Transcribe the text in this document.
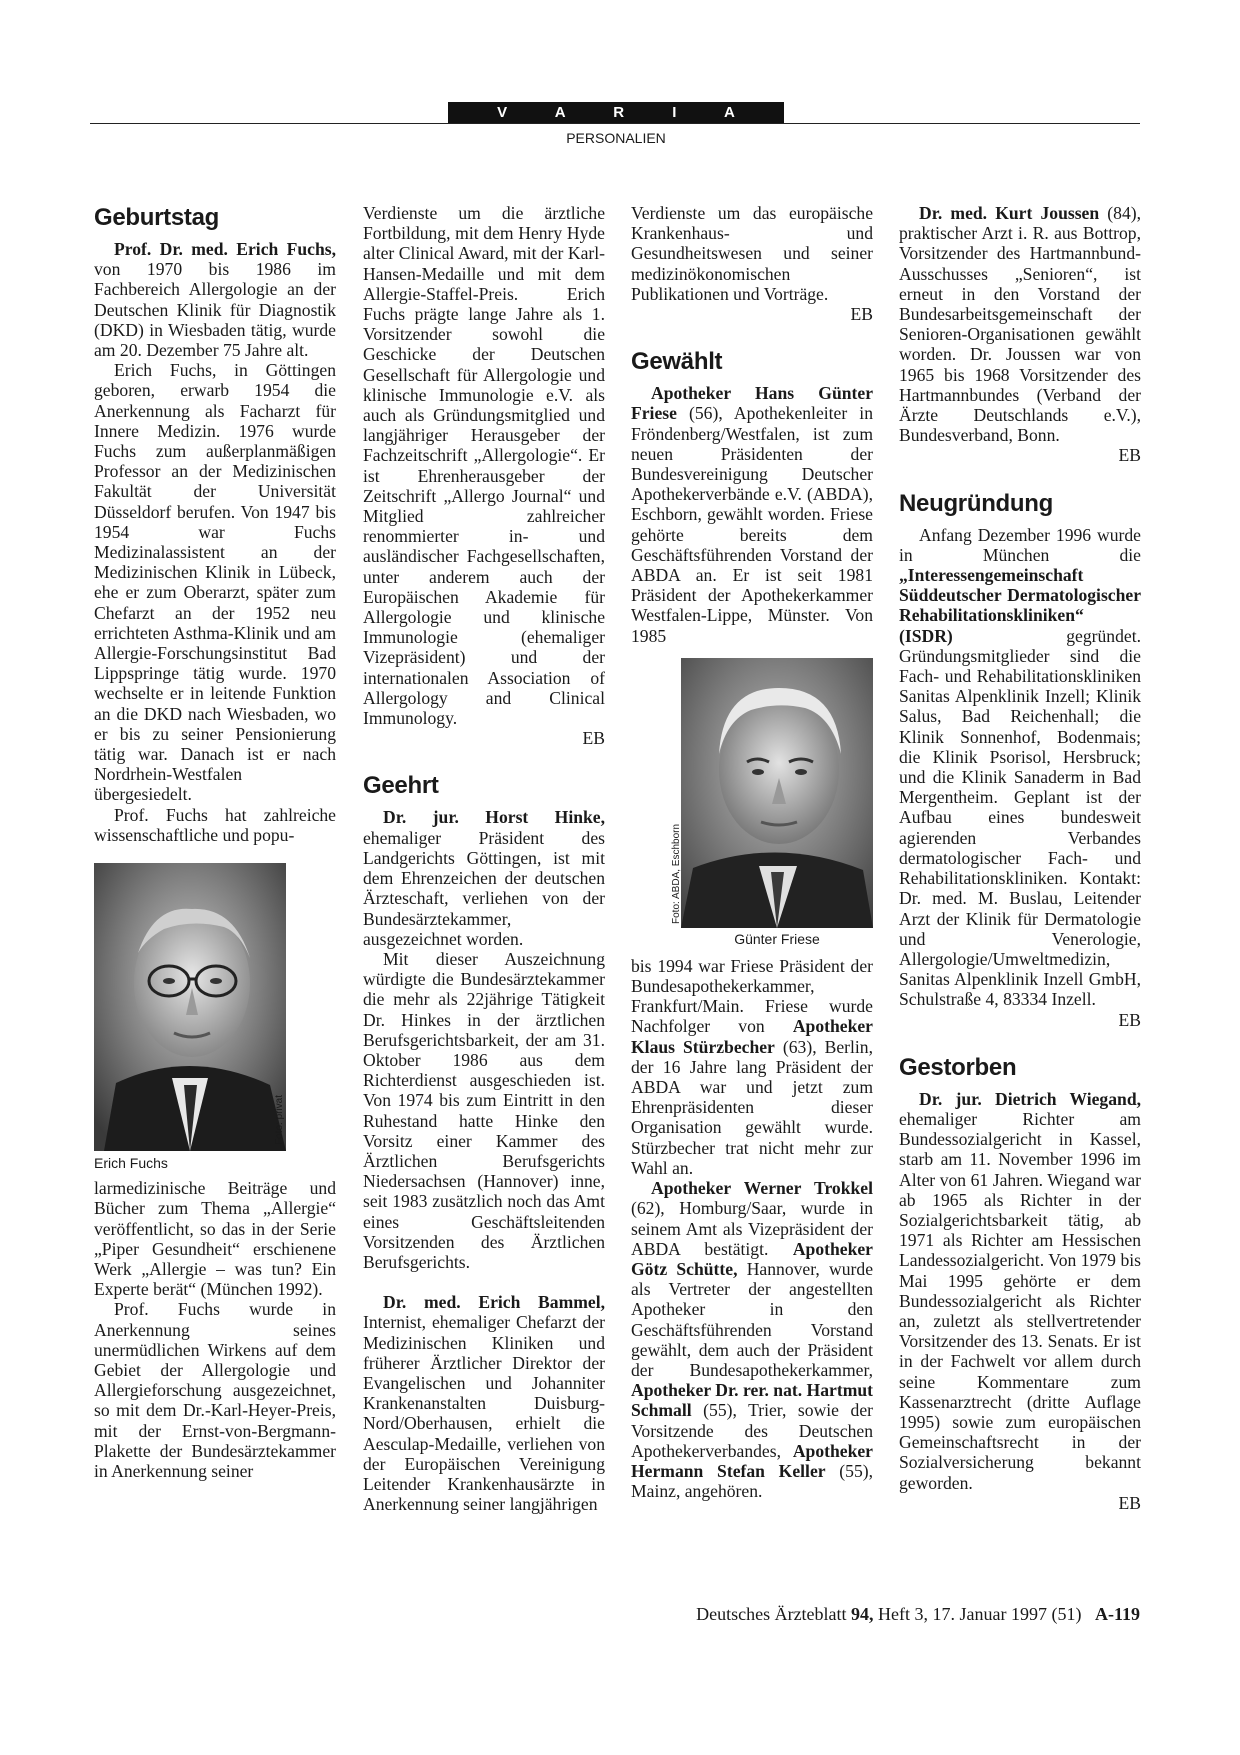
V A R I A
PERSONALIEN
Geburtstag

Prof. Dr. med. Erich Fuchs, von 1970 bis 1986 im Fachbereich Allergologie an der Deutschen Klinik für Diagnostik (DKD) in Wiesbaden tätig, wurde am 20. Dezember 75 Jahre alt.

Erich Fuchs, in Göttingen geboren, erwarb 1954 die Anerkennung als Facharzt für Innere Medizin. 1976 wurde Fuchs zum außerplanmäßigen Professor an der Medizinischen Fakultät der Universität Düsseldorf berufen. Von 1947 bis 1954 war Fuchs Medizinalassistent an der Medizinischen Klinik in Lübeck, ehe er zum Oberarzt, später zum Chefarzt an der 1952 neu errichteten Asthma-Klinik und am Allergie-Forschungsinstitut Bad Lippspringe tätig wurde. 1970 wechselte er in leitende Funktion an die DKD nach Wiesbaden, wo er bis zu seiner Pensionierung tätig war. Danach ist er nach Nordrhein-Westfalen übergesiedelt.

Prof. Fuchs hat zahlreiche wissenschaftliche und popu-

Foto: privat
Erich Fuchs

larmedizinische Beiträge und Bücher zum Thema „Allergie“ veröffentlicht, so das in der Serie „Piper Gesundheit“ erschienene Werk „Allergie – was tun? Ein Experte berät“ (München 1992).

Prof. Fuchs wurde in Anerkennung seines unermüdlichen Wirkens auf dem Gebiet der Allergologie und Allergieforschung ausgezeichnet, so mit dem Dr.-Karl-Heyer-Preis, mit der Ernst-von-Bergmann-Plakette der Bundesärztekammer in Anerkennung seiner

Verdienste um die ärztliche Fortbildung, mit dem Henry Hyde alter Clinical Award, mit der Karl-Hansen-Medaille und mit dem Allergie-Staffel-Preis. Erich Fuchs prägte lange Jahre als 1. Vorsitzender sowohl die Geschicke der Deutschen Gesellschaft für Allergologie und klinische Immunologie e.V. als auch als Gründungsmitglied und langjähriger Herausgeber der Fachzeitschrift „Allergologie“. Er ist Ehrenherausgeber der Zeitschrift „Allergo Journal“ und Mitglied zahlreicher renommierter in- und ausländischer Fachgesellschaften, unter anderem auch der Europäischen Akademie für Allergologie und klinische Immunologie (ehemaliger Vizepräsident) und der internationalen Association of Allergology and Clinical Immunology.

EB

Geehrt

Dr. jur. Horst Hinke, ehemaliger Präsident des Landgerichts Göttingen, ist mit dem Ehrenzeichen der deutschen Ärzteschaft, verliehen von der Bundesärztekammer, ausgezeichnet worden.

Mit dieser Auszeichnung würdigte die Bundesärztekammer die mehr als 22jährige Tätigkeit Dr. Hinkes in der ärztlichen Berufsgerichtsbarkeit, der am 31. Oktober 1986 aus dem Richterdienst ausgeschieden ist. Von 1974 bis zum Eintritt in den Ruhestand hatte Hinke den Vorsitz einer Kammer des Ärztlichen Berufsgerichts Niedersachsen (Hannover) inne, seit 1983 zusätzlich noch das Amt eines Geschäftsleitenden Vorsitzenden des Ärztlichen Berufsgerichts.

Dr. med. Erich Bammel, Internist, ehemaliger Chefarzt der Medizinischen Kliniken und früherer Ärztlicher Direktor der Evangelischen und Johanniter Krankenanstalten Duisburg-Nord/Oberhausen, erhielt die Aesculap-Medaille, verliehen von der Europäischen Vereinigung Leitender Krankenhausärzte in Anerkennung seiner langjährigen

Verdienste um das europäische Krankenhaus- und Gesundheitswesen und seiner medizinökonomischen Publikationen und Vorträge.

EB

Gewählt

Apotheker Hans Günter Friese (56), Apothekenleiter in Fröndenberg/Westfalen, ist zum neuen Präsidenten der Bundesvereinigung Deutscher Apothekerverbände e.V. (ABDA), Eschborn, gewählt worden. Friese gehörte bereits dem Geschäftsführenden Vorstand der ABDA an. Er ist seit 1981 Präsident der Apothekerkammer Westfalen-Lippe, Münster. Von 1985

Foto: ABDA, Eschborn
Günter Friese

bis 1994 war Friese Präsident der Bundesapothekerkammer, Frankfurt/Main. Friese wurde Nachfolger von Apotheker Klaus Stürzbecher (63), Berlin, der 16 Jahre lang Präsident der ABDA war und jetzt zum Ehrenpräsidenten dieser Organisation gewählt wurde. Stürzbecher trat nicht mehr zur Wahl an.

Apotheker Werner Trokkel (62), Homburg/Saar, wurde in seinem Amt als Vizepräsident der ABDA bestätigt. Apotheker Götz Schütte, Hannover, wurde als Vertreter der angestellten Apotheker in den Geschäftsführenden Vorstand gewählt, dem auch der Präsident der Bundesapothekerkammer, Apotheker Dr. rer. nat. Hartmut Schmall (55), Trier, sowie der Vorsitzende des Deutschen Apothekerverbandes, Apotheker Hermann Stefan Keller (55), Mainz, angehören.

Dr. med. Kurt Joussen (84), praktischer Arzt i. R. aus Bottrop, Vorsitzender des Hartmannbund-Ausschusses „Senioren“, ist erneut in den Vorstand der Bundesarbeitsgemeinschaft der Senioren-Organisationen gewählt worden. Dr. Joussen war von 1965 bis 1968 Vorsitzender des Hartmannbundes (Verband der Ärzte Deutschlands e.V.), Bundesverband, Bonn.

EB

Neugründung

Anfang Dezember 1996 wurde in München die „Interessengemeinschaft Süddeutscher Dermatologischer Rehabilitationskliniken“ (ISDR) gegründet. Gründungsmitglieder sind die Fach- und Rehabilitationskliniken Sanitas Alpenklinik Inzell; Klinik Salus, Bad Reichenhall; die Klinik Sonnenhof, Bodenmais; die Klinik Psorisol, Hersbruck; und die Klinik Sanaderm in Bad Mergentheim. Geplant ist der Aufbau eines bundesweit agierenden Verbandes dermatologischer Fach- und Rehabilitationskliniken. Kontakt: Dr. med. M. Buslau, Leitender Arzt der Klinik für Dermatologie und Venerologie, Allergologie/Umweltmedizin, Sanitas Alpenklinik Inzell GmbH, Schulstraße 4, 83334 Inzell.

EB

Gestorben

Dr. jur. Dietrich Wiegand, ehemaliger Richter am Bundessozialgericht in Kassel, starb am 11. November 1996 im Alter von 61 Jahren. Wiegand war ab 1965 als Richter in der Sozialgerichtsbarkeit tätig, ab 1971 als Richter am Hessischen Landessozialgericht. Von 1979 bis Mai 1995 gehörte er dem Bundessozialgericht als Richter an, zuletzt als stellvertretender Vorsitzender des 13. Senats. Er ist in der Fachwelt vor allem durch seine Kommentare zum Kassenarztrecht (dritte Auflage 1995) sowie zum europäischen Gemeinschaftsrecht in der Sozialversicherung bekannt geworden.

EB

Deutsches Ärzteblatt 94, Heft 3, 17. Januar 1997 (51) A-119
